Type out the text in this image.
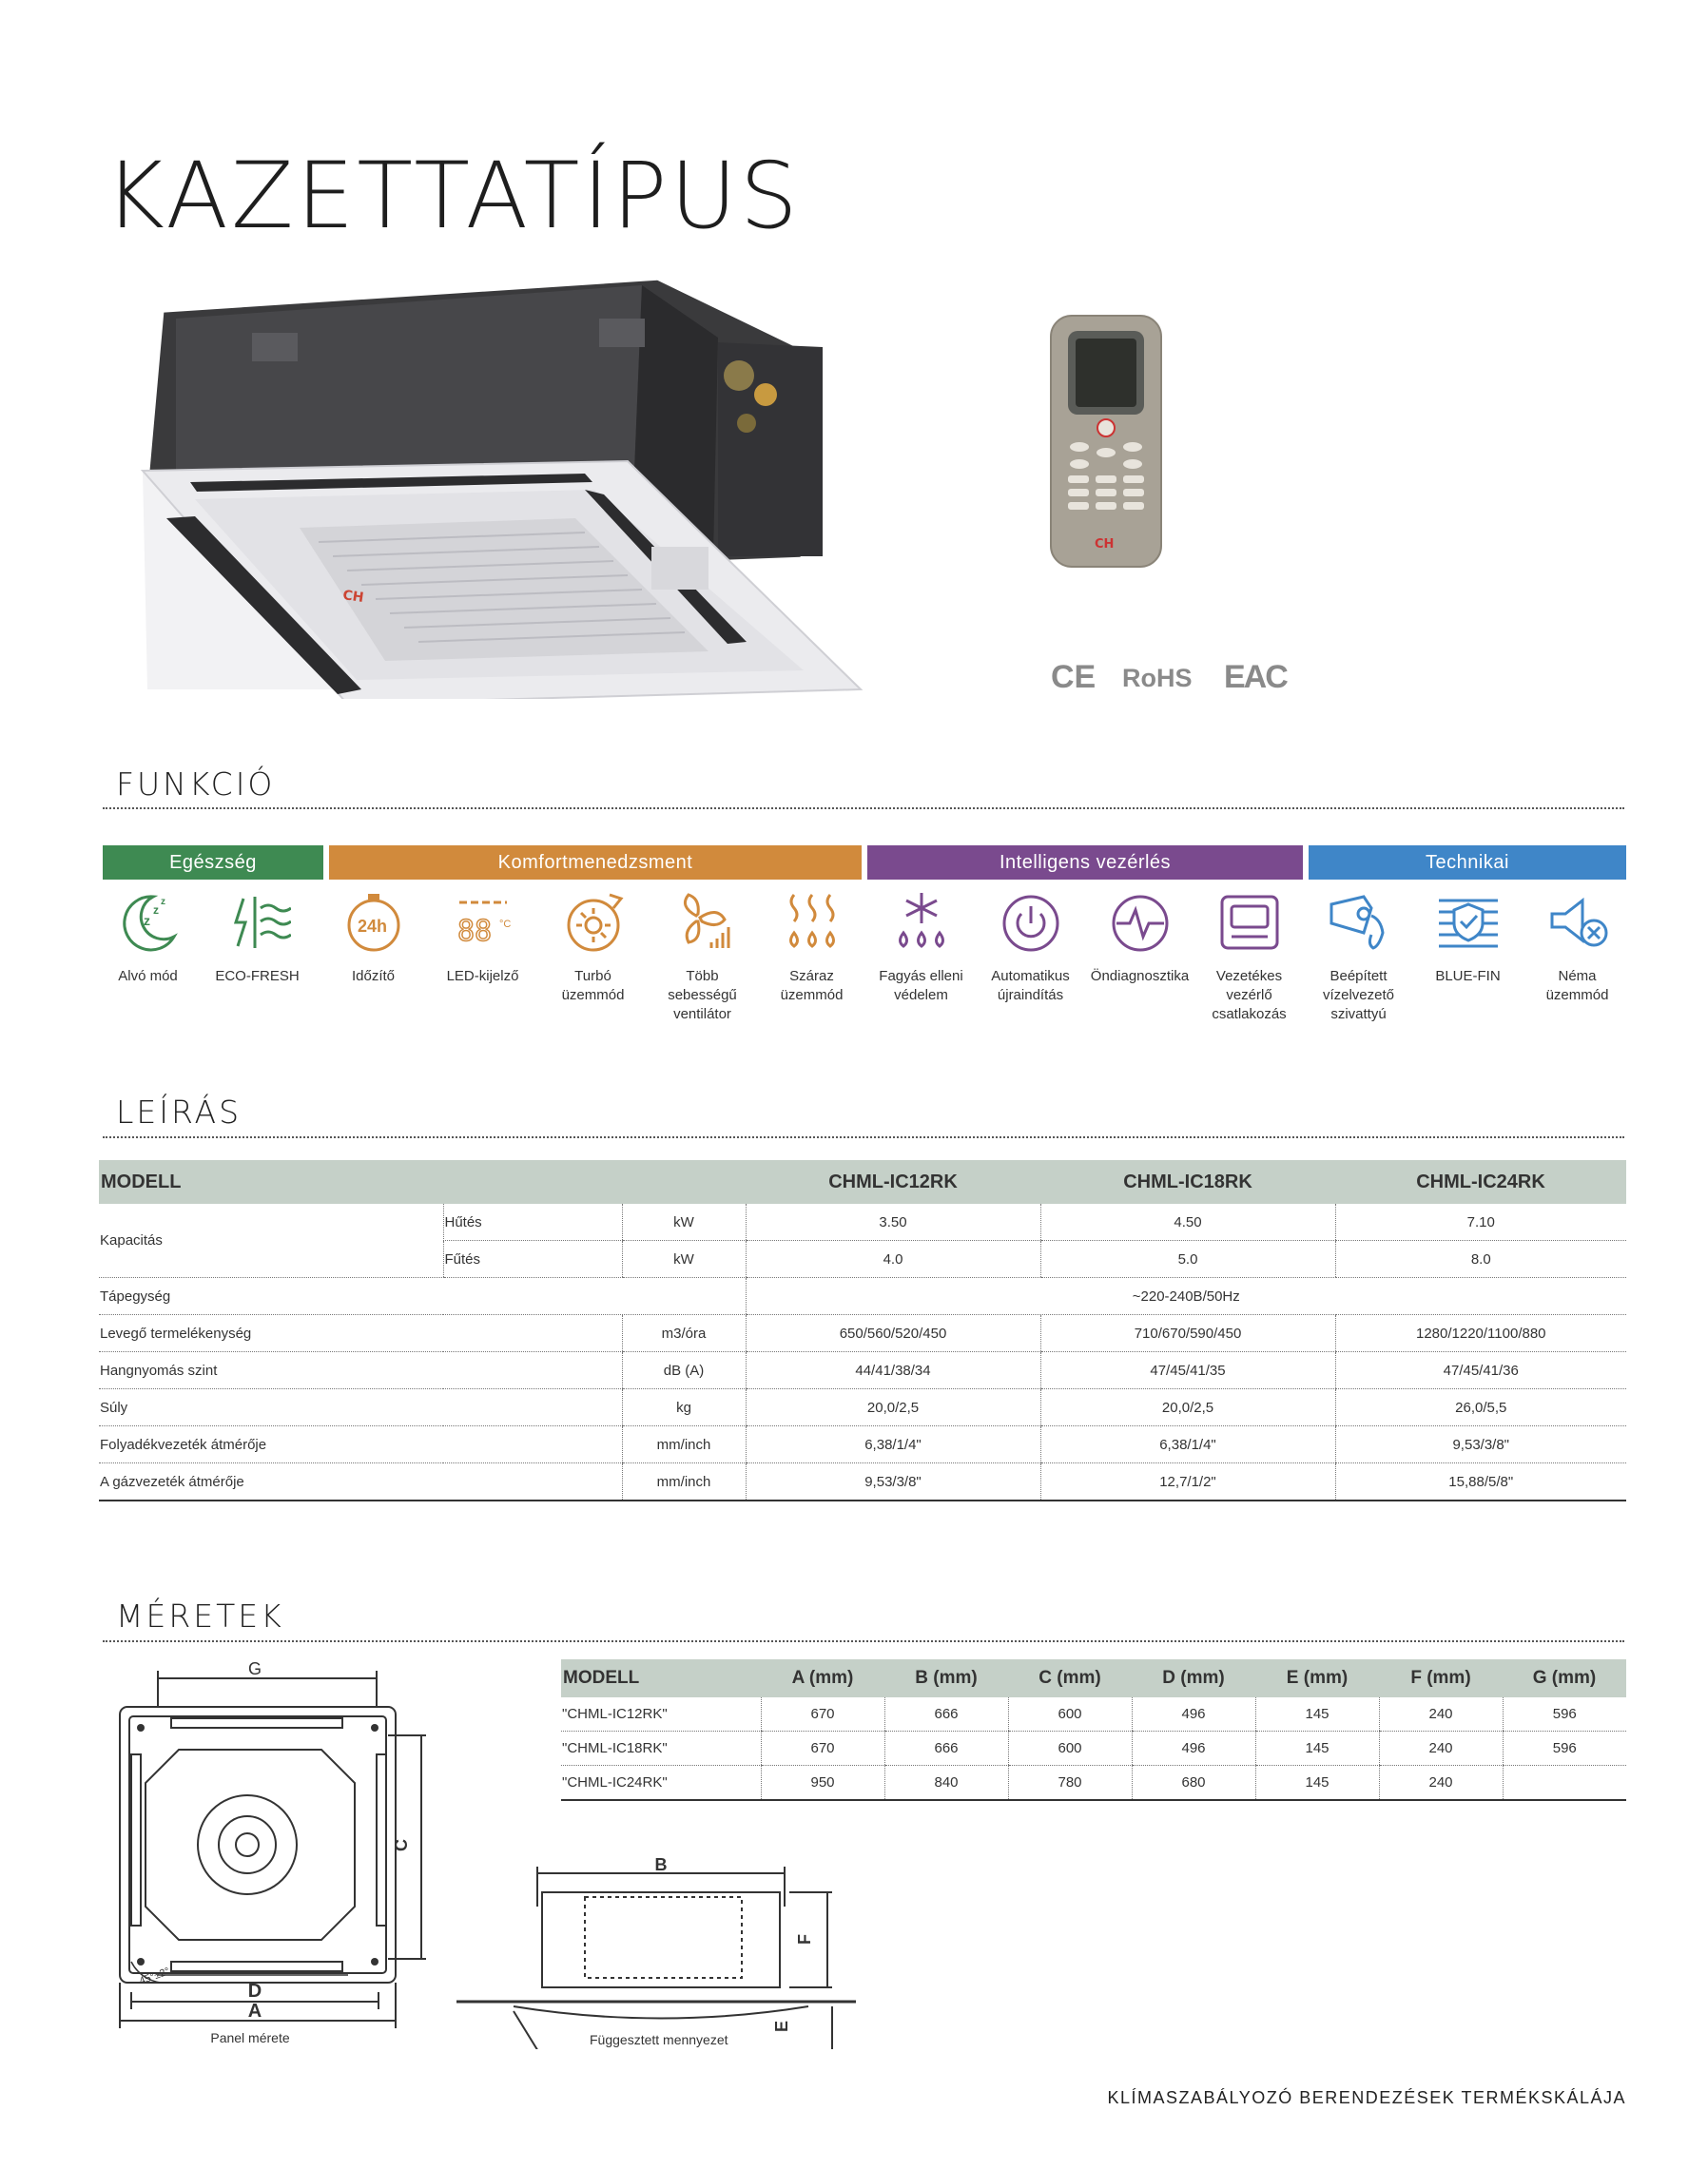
KAZETTATÍPUS
CH
CH
CE RoHS EAC
FUNKCIÓ
Egészség	Komfortmenedzsment	Intelligens vezérlés	Technikai
z
z
z
Alvó mód	ECO-FRESH
24h
Időzítő
88 °C
LED-kijelző	Turbó
üzemmód
Több
sebességű
ventilátor
Száraz
üzemmód
Fagyás elleni
védelem
Automatikus
újraindítás
Öndiagnosztika	Vezetékes
vezérlő
csatlakozás
Beépített
vízelvezető
szivattyú
BLUE-FIN	Néma
üzemmód
LEÍRÁS
MODELL			CHML-IC12RK	CHML-IC18RK	CHML-IC24RK
Kapacitás	Hűtés	kW	3.50	4.50	7.10
	Fűtés	kW	4.0	5.0	8.0
Tápegység			~220-240В/50Hz		
Levegő termelékenység		m3/óra	650/560/520/450	710/670/590/450	1280/1220/1100/880
Hangnyomás szint		dB (A)	44/41/38/34	47/45/41/35	47/45/41/36
Súly		kg	20,0/2,5	20,0/2,5	26,0/5,5
Folyadékvezeték átmérője		mm/inch	6,38/1/4"	6,38/1/4"	9,53/3/8"
A gázvezeték átmérője		mm/inch	9,53/3/8"	12,7/1/2"	15,88/5/8"
MÉRETEK
G
C
D
A
45°±2°
Panel mérete
B
F
E
Függesztett mennyezet
MODELL	A (mm)	B (mm)	C (mm)	D (mm)	E (mm)	F (mm)	G (mm)
"CHML-IC12RK"	670	666	600	496	145	240	596
"CHML-IC18RK"	670	666	600	496	145	240	596
"CHML-IC24RK"	950	840	780	680	145	240	
KLÍMASZABÁLYOZÓ BERENDEZÉSEK TERMÉKSKÁLÁJA
